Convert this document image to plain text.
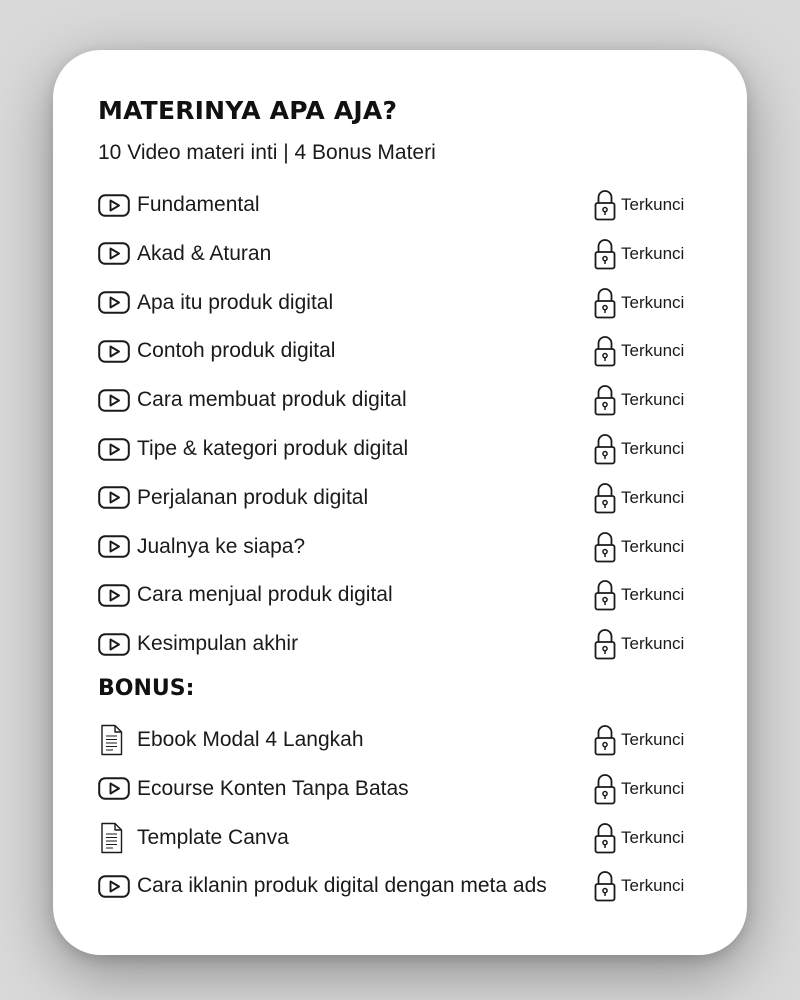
MATERINYA APA AJA?

10 Video materi inti | 4 Bonus Materi

Fundamental	Terkunci
Akad & Aturan	Terkunci
Apa itu produk digital	Terkunci
Contoh produk digital	Terkunci
Cara membuat produk digital	Terkunci
Tipe & kategori produk digital	Terkunci
Perjalanan produk digital	Terkunci
Jualnya ke siapa?	Terkunci
Cara menjual produk digital	Terkunci
Kesimpulan akhir	Terkunci
BONUS:
Ebook Modal 4 Langkah	Terkunci
Ecourse Konten Tanpa Batas	Terkunci
Template Canva	Terkunci
Cara iklanin produk digital dengan meta ads	Terkunci
